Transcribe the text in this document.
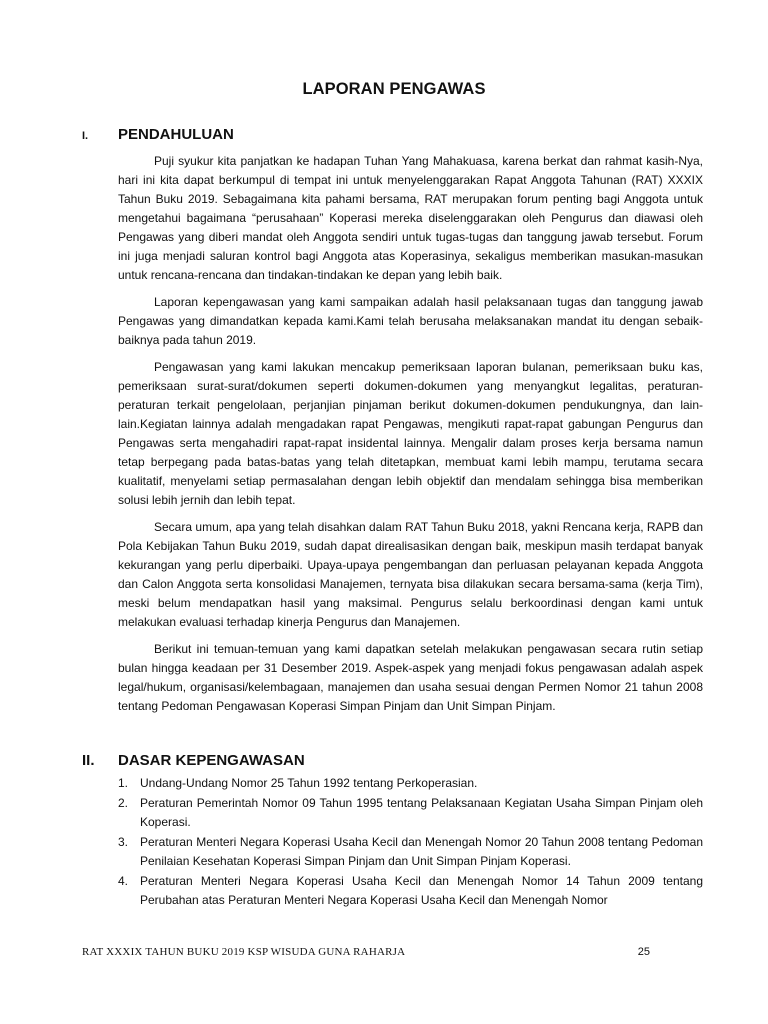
LAPORAN PENGAWAS
I. PENDAHULUAN

Puji syukur kita panjatkan ke hadapan Tuhan Yang Mahakuasa, karena berkat dan rahmat kasih-Nya, hari ini kita dapat berkumpul di tempat ini untuk menyelenggarakan Rapat Anggota Tahunan (RAT) XXXIX Tahun Buku 2019. Sebagaimana kita pahami bersama, RAT merupakan forum penting bagi Anggota untuk mengetahui bagaimana “perusahaan” Koperasi mereka diselenggarakan oleh Pengurus dan diawasi oleh Pengawas yang diberi mandat oleh Anggota sendiri untuk tugas-tugas dan tanggung jawab tersebut. Forum ini juga menjadi saluran kontrol bagi Anggota atas Koperasinya, sekaligus memberikan masukan-masukan untuk rencana-rencana dan tindakan-tindakan ke depan yang lebih baik.

Laporan kepengawasan yang kami sampaikan adalah hasil pelaksanaan tugas dan tanggung jawab Pengawas yang dimandatkan kepada kami.Kami telah berusaha melaksanakan mandat itu dengan sebaik-baiknya pada tahun 2019.

Pengawasan yang kami lakukan mencakup pemeriksaan laporan bulanan, pemeriksaan buku kas, pemeriksaan surat-surat/dokumen seperti dokumen-dokumen yang menyangkut legalitas, peraturan-peraturan terkait pengelolaan, perjanjian pinjaman berikut dokumen-dokumen pendukungnya, dan lain-lain.Kegiatan lainnya adalah mengadakan rapat Pengawas, mengikuti rapat-rapat gabungan Pengurus dan Pengawas serta mengahadiri rapat-rapat insidental lainnya. Mengalir dalam proses kerja bersama namun tetap berpegang pada batas-batas yang telah ditetapkan, membuat kami lebih mampu, terutama secara kualitatif, menyelami setiap permasalahan dengan lebih objektif dan mendalam sehingga bisa memberikan solusi lebih jernih dan lebih tepat.

Secara umum, apa yang telah disahkan dalam RAT Tahun Buku 2018, yakni Rencana kerja, RAPB dan Pola Kebijakan Tahun Buku 2019, sudah dapat direalisasikan dengan baik, meskipun masih terdapat banyak kekurangan yang perlu diperbaiki. Upaya-upaya pengembangan dan perluasan pelayanan kepada Anggota dan Calon Anggota serta konsolidasi Manajemen, ternyata bisa dilakukan secara bersama-sama (kerja Tim), meski belum mendapatkan hasil yang maksimal. Pengurus selalu berkoordinasi dengan kami untuk melakukan evaluasi terhadap kinerja Pengurus dan Manajemen.

Berikut ini temuan-temuan yang kami dapatkan setelah melakukan pengawasan secara rutin setiap bulan hingga keadaan per 31 Desember 2019. Aspek-aspek yang menjadi fokus pengawasan adalah aspek legal/hukum, organisasi/kelembagaan, manajemen dan usaha sesuai dengan Permen Nomor 21 tahun 2008 tentang Pedoman Pengawasan Koperasi Simpan Pinjam dan Unit Simpan Pinjam.

II. DASAR KEPENGAWASAN
1. Undang-Undang Nomor 25 Tahun 1992 tentang Perkoperasian.
2. Peraturan Pemerintah Nomor 09 Tahun 1995 tentang Pelaksanaan Kegiatan Usaha Simpan Pinjam oleh Koperasi.
3. Peraturan Menteri Negara Koperasi Usaha Kecil dan Menengah Nomor 20 Tahun 2008 tentang Pedoman Penilaian Kesehatan Koperasi Simpan Pinjam dan Unit Simpan Pinjam Koperasi.
4. Peraturan Menteri Negara Koperasi Usaha Kecil dan Menengah Nomor 14 Tahun 2009 tentang Perubahan atas Peraturan Menteri Negara Koperasi Usaha Kecil dan Menengah Nomor
RAT XXXIX TAHUN BUKU 2019 KSP WISUDA GUNA RAHARJA	25
